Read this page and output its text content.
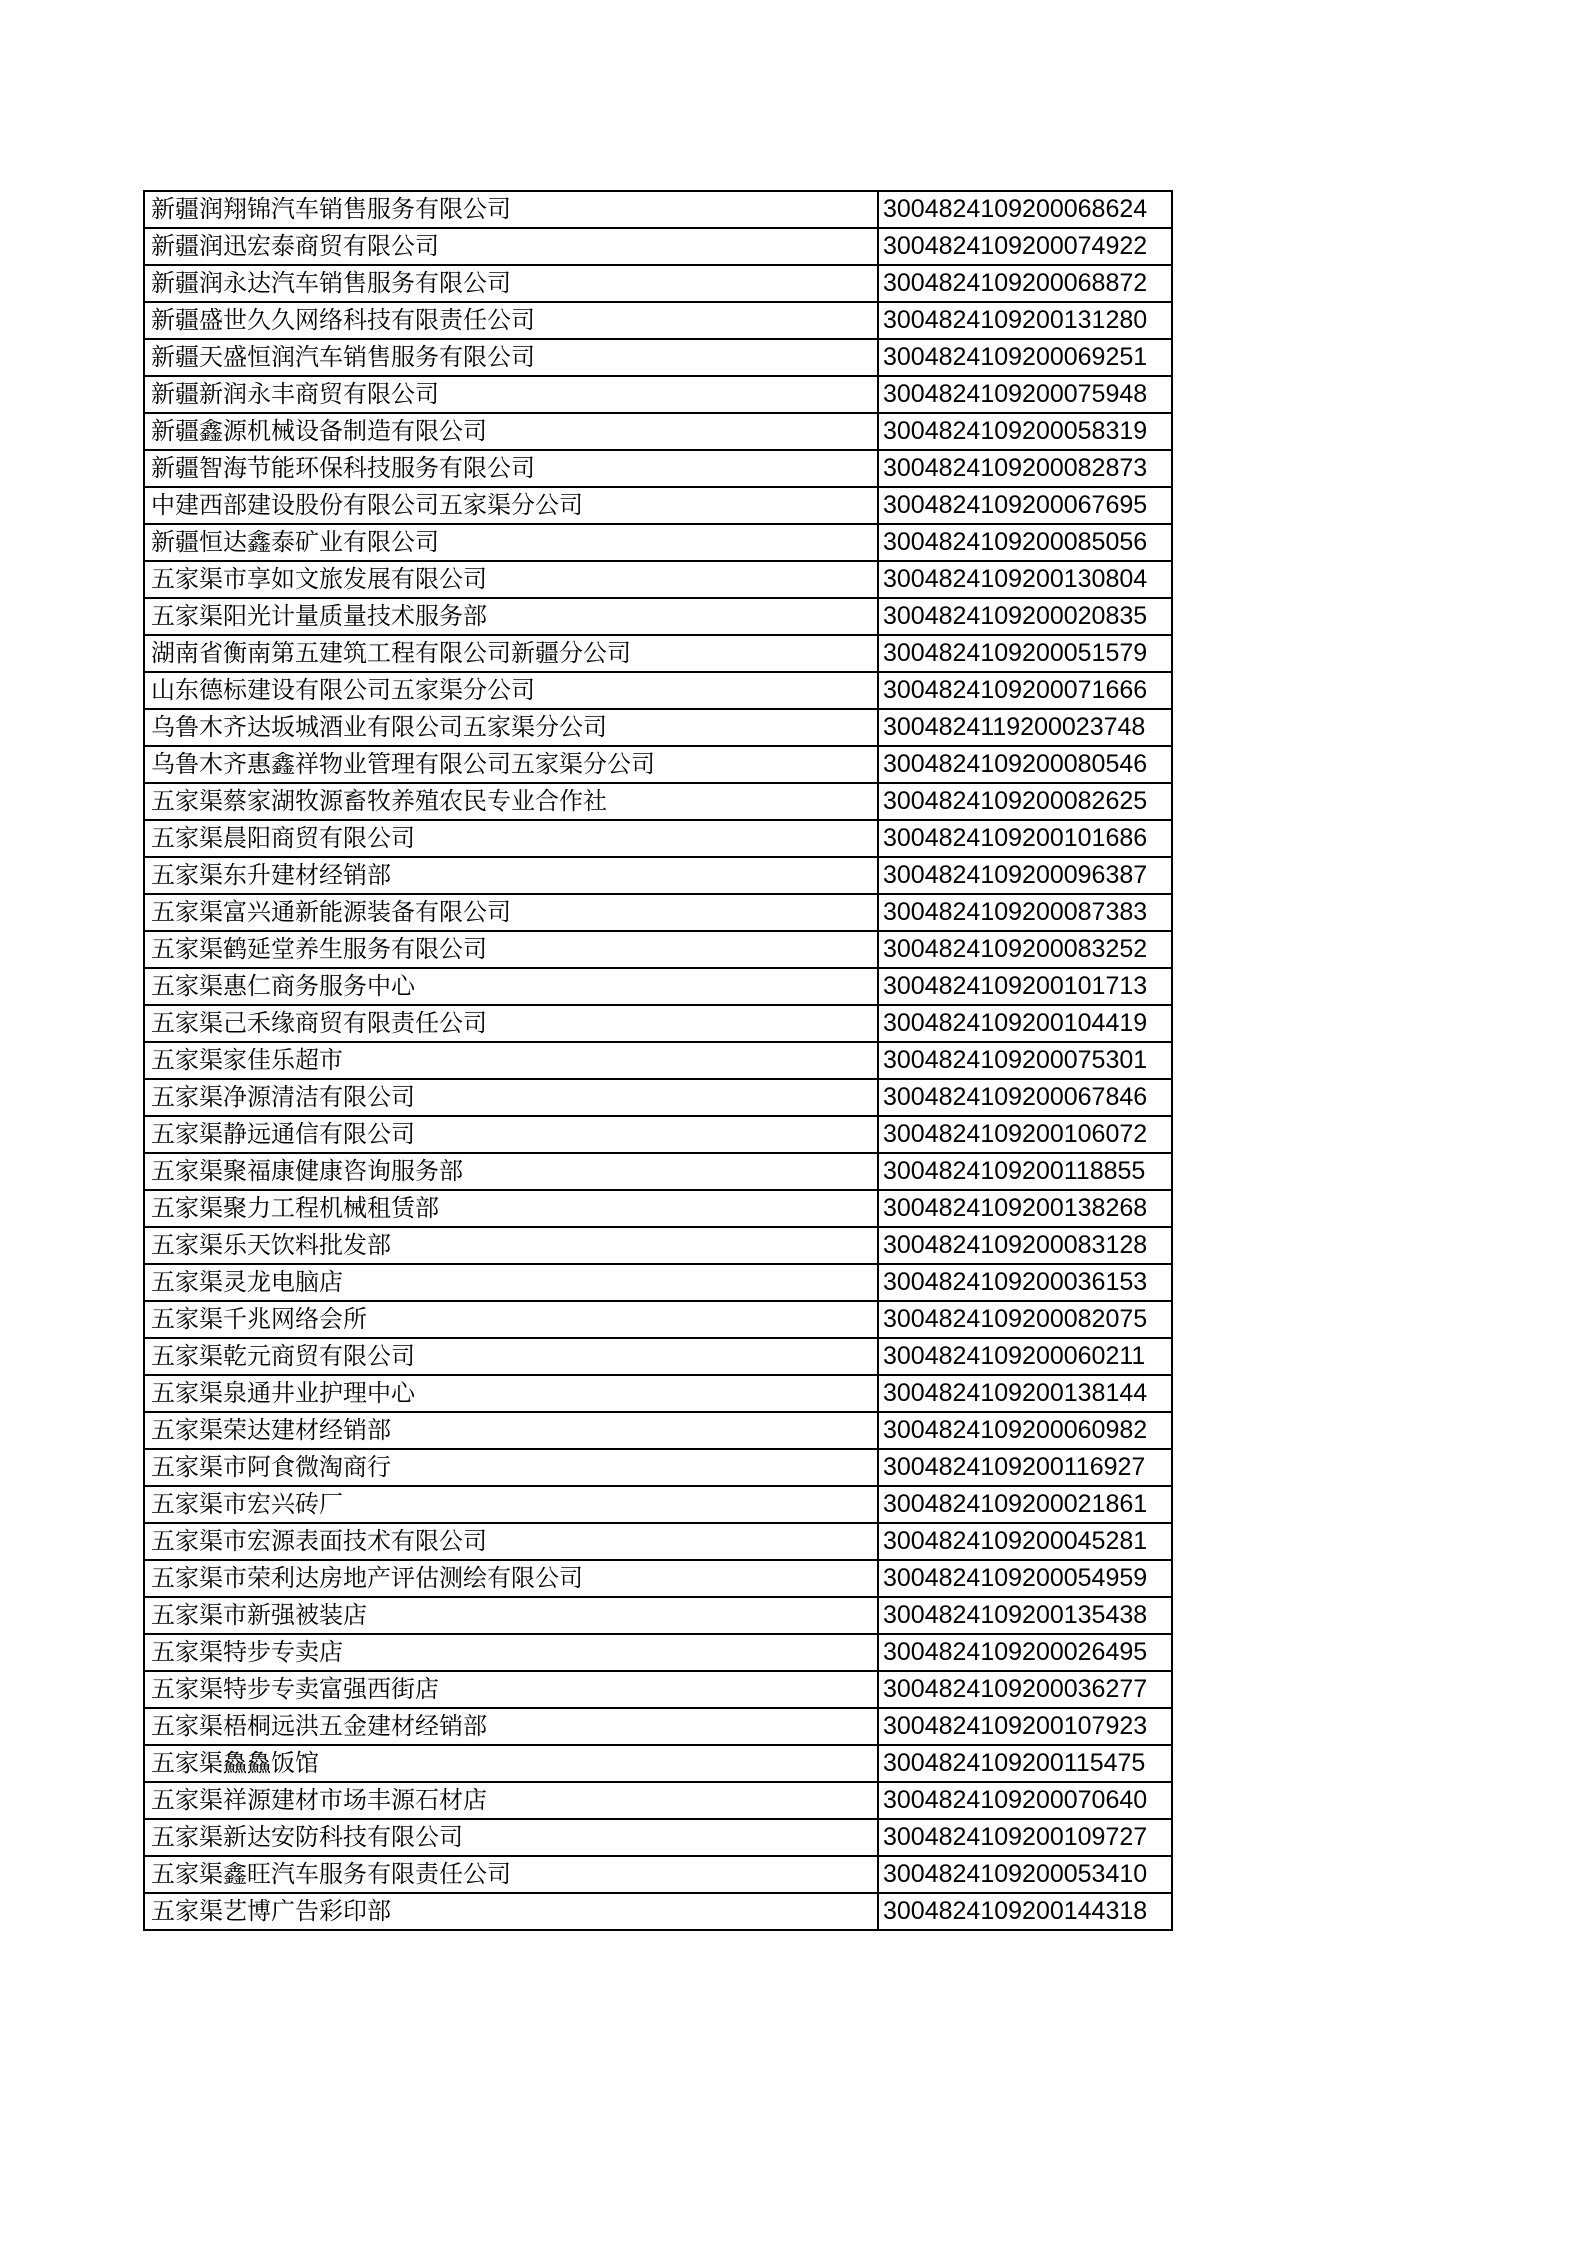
新疆润翔锦汽车销售服务有限公司	3004824109200068624
新疆润迅宏泰商贸有限公司	3004824109200074922
新疆润永达汽车销售服务有限公司	3004824109200068872
新疆盛世久久网络科技有限责任公司	3004824109200131280
新疆天盛恒润汽车销售服务有限公司	3004824109200069251
新疆新润永丰商贸有限公司	3004824109200075948
新疆鑫源机械设备制造有限公司	3004824109200058319
新疆智海节能环保科技服务有限公司	3004824109200082873
中建西部建设股份有限公司五家渠分公司	3004824109200067695
新疆恒达鑫泰矿业有限公司	3004824109200085056
五家渠市享如文旅发展有限公司	3004824109200130804
五家渠阳光计量质量技术服务部	3004824109200020835
湖南省衡南第五建筑工程有限公司新疆分公司	3004824109200051579
山东德标建设有限公司五家渠分公司	3004824109200071666
乌鲁木齐达坂城酒业有限公司五家渠分公司	3004824119200023748
乌鲁木齐惠鑫祥物业管理有限公司五家渠分公司	3004824109200080546
五家渠蔡家湖牧源畜牧养殖农民专业合作社	3004824109200082625
五家渠晨阳商贸有限公司	3004824109200101686
五家渠东升建材经销部	3004824109200096387
五家渠富兴通新能源装备有限公司	3004824109200087383
五家渠鹤延堂养生服务有限公司	3004824109200083252
五家渠惠仁商务服务中心	3004824109200101713
五家渠己禾缘商贸有限责任公司	3004824109200104419
五家渠家佳乐超市	3004824109200075301
五家渠净源清洁有限公司	3004824109200067846
五家渠静远通信有限公司	3004824109200106072
五家渠聚福康健康咨询服务部	3004824109200118855
五家渠聚力工程机械租赁部	3004824109200138268
五家渠乐天饮料批发部	3004824109200083128
五家渠灵龙电脑店	3004824109200036153
五家渠千兆网络会所	3004824109200082075
五家渠乾元商贸有限公司	3004824109200060211
五家渠泉通井业护理中心	3004824109200138144
五家渠荣达建材经销部	3004824109200060982
五家渠市阿食微淘商行	3004824109200116927
五家渠市宏兴砖厂	3004824109200021861
五家渠市宏源表面技术有限公司	3004824109200045281
五家渠市荣利达房地产评估测绘有限公司	3004824109200054959
五家渠市新强被装店	3004824109200135438
五家渠特步专卖店	3004824109200026495
五家渠特步专卖富强西街店	3004824109200036277
五家渠梧桐远洪五金建材经销部	3004824109200107923
五家渠鱻鱻饭馆	3004824109200115475
五家渠祥源建材市场丰源石材店	3004824109200070640
五家渠新达安防科技有限公司	3004824109200109727
五家渠鑫旺汽车服务有限责任公司	3004824109200053410
五家渠艺博广告彩印部	3004824109200144318
